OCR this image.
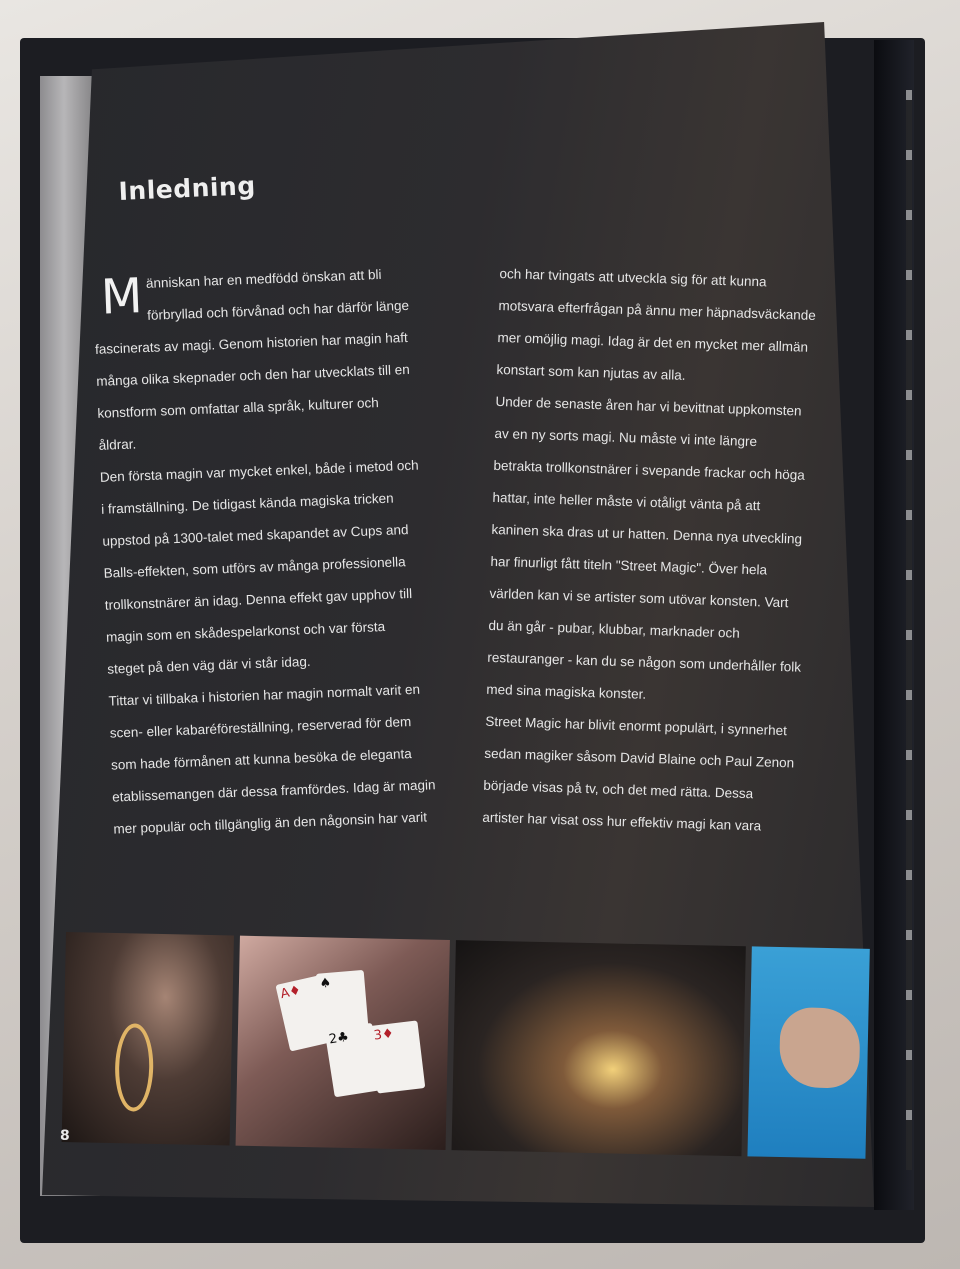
Inledning
M änniskan har en medfödd önskan att bli
förbryllad och förvånad och har därför länge
fascinerats av magi. Genom historien har magin haft
många olika skepnader och den har utvecklats till en
konstform som omfattar alla språk, kulturer och
åldrar.
Den första magin var mycket enkel, både i metod och
i framställning. De tidigast kända magiska tricken
uppstod på 1300-talet med skapandet av Cups and
Balls-effekten, som utförs av många professionella
trollkonstnärer än idag. Denna effekt gav upphov till
magin som en skådespelarkonst och var första
steget på den väg där vi står idag.
Tittar vi tillbaka i historien har magin normalt varit en
scen- eller kabaréföreställning, reserverad för dem
som hade förmånen att kunna besöka de eleganta
etablissemangen där dessa framfördes. Idag är magin
mer populär och tillgänglig än den någonsin har varit
och har tvingats att utveckla sig för att kunna
motsvara efterfrågan på ännu mer häpnadsväckande
mer omöjlig magi. Idag är det en mycket mer allmän
konstart som kan njutas av alla.
Under de senaste åren har vi bevittnat uppkomsten
av en ny sorts magi. Nu måste vi inte längre
betrakta trollkonstnärer i svepande frackar och höga
hattar, inte heller måste vi otåligt vänta på att
kaninen ska dras ut ur hatten. Denna nya utveckling
har finurligt fått titeln "Street Magic". Över hela
världen kan vi se artister som utövar konsten. Vart
du än går - pubar, klubbar, marknader och
restauranger - kan du se någon som underhåller folk
med sina magiska konster.
Street Magic har blivit enormt populärt, i synnerhet
sedan magiker såsom David Blaine och Paul Zenon
började visas på tv, och det med rätta. Dessa
artister har visat oss hur effektiv magi kan vara
A♦	♠
2♣	3♦
8
